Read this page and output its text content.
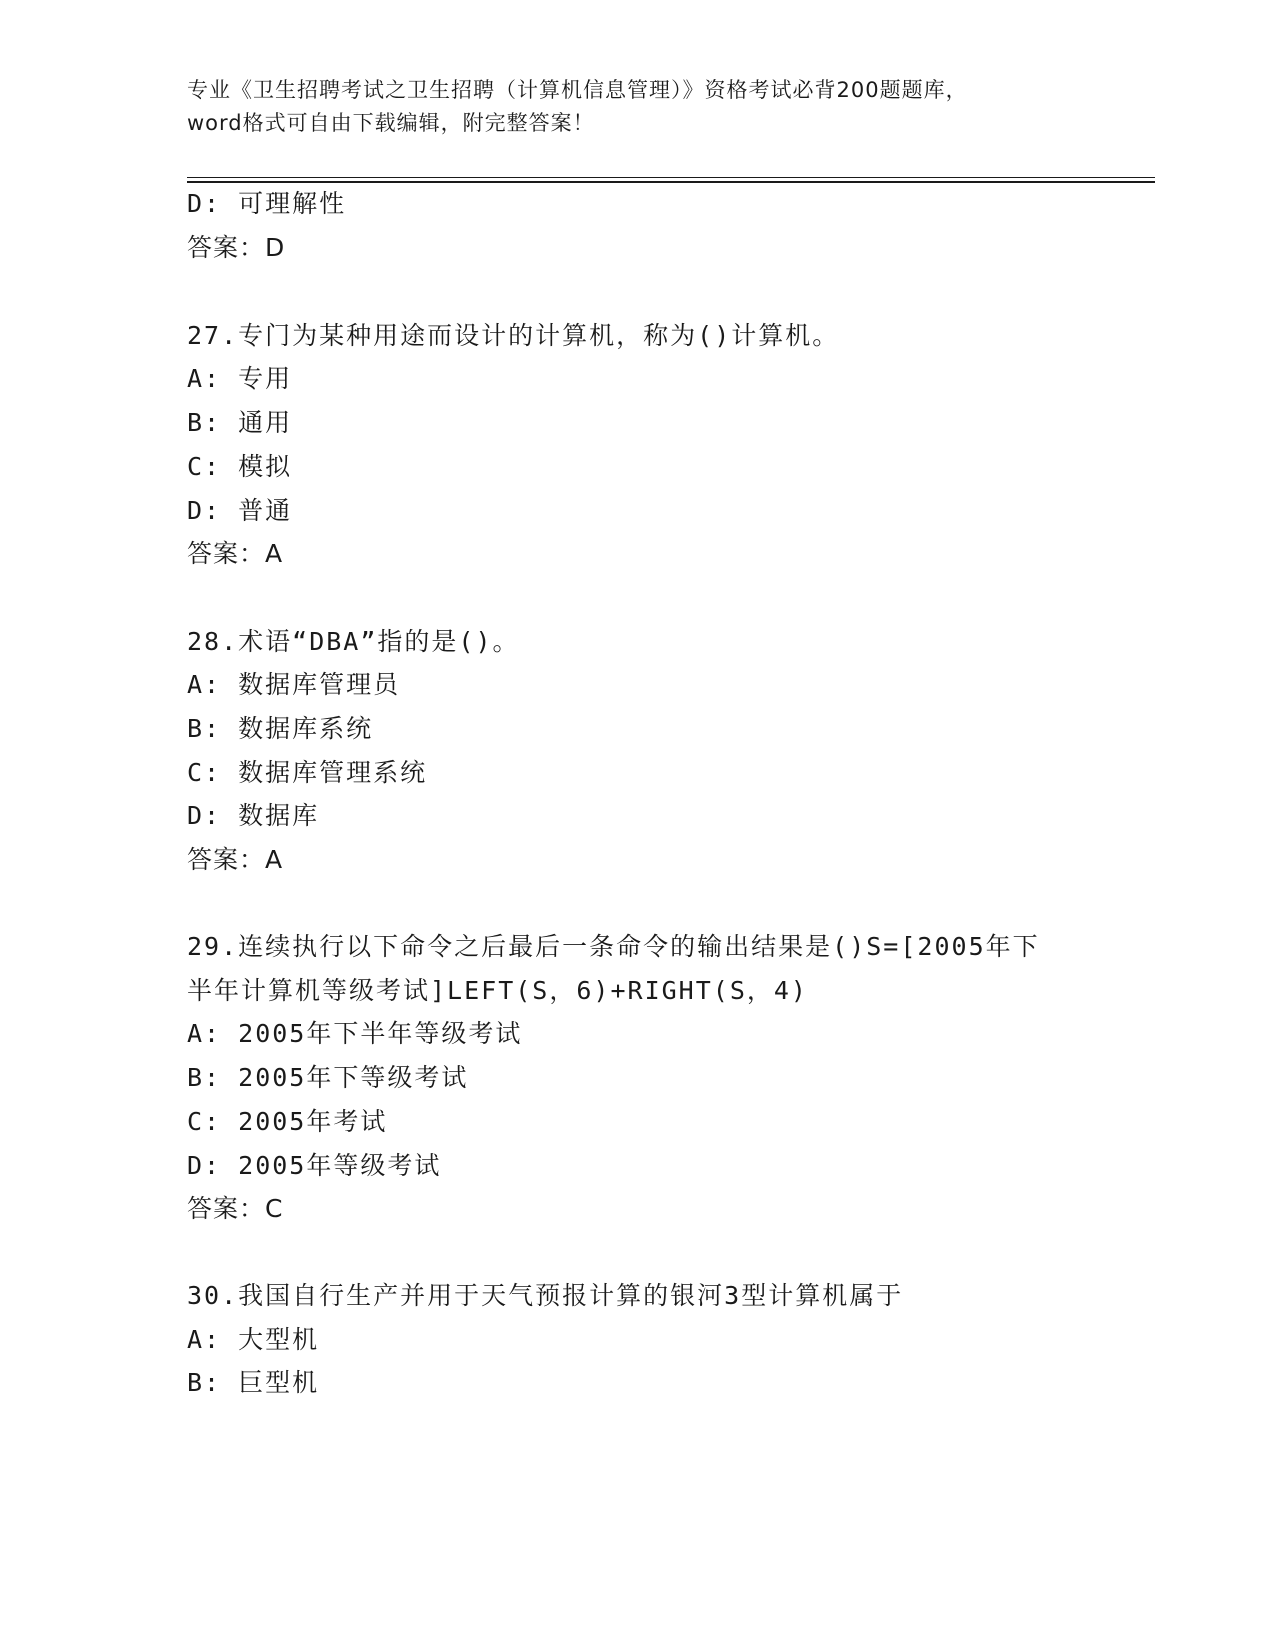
专业《卫生招聘考试之卫生招聘（计算机信息管理）》资格考试必背200题题库，
word格式可自由下载编辑，附完整答案！
D: 可理解性
答案：D
27.专门为某种用途而设计的计算机，称为()计算机。
A: 专用
B: 通用
C: 模拟
D: 普通
答案：A
28.术语“DBA”指的是()。
A: 数据库管理员
B: 数据库系统
C: 数据库管理系统
D: 数据库
答案：A
29.连续执行以下命令之后最后一条命令的输出结果是()S=[2005年下
半年计算机等级考试]LEFT(S，6)+RIGHT(S，4)
A: 2005年下半年等级考试
B: 2005年下等级考试
C: 2005年考试
D: 2005年等级考试
答案：C
30.我国自行生产并用于天气预报计算的银河3型计算机属于
A: 大型机
B: 巨型机
